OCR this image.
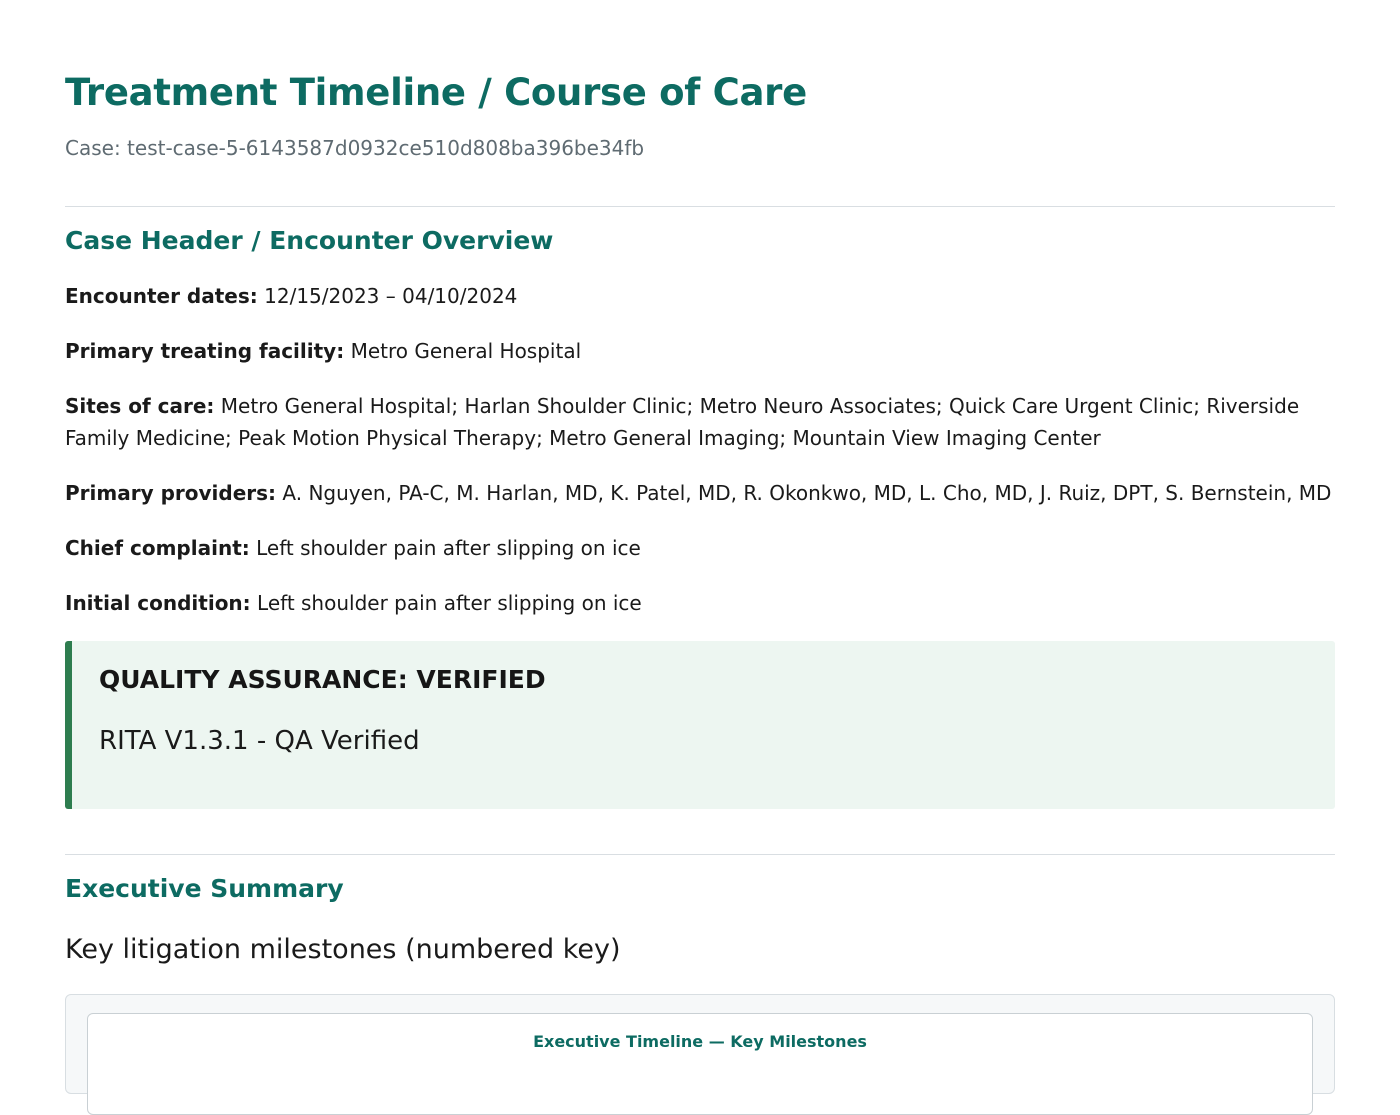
Treatment Timeline / Course of Care
Case: test-case-5-6143587d0932ce510d808ba396be34fb
Case Header / Encounter Overview

Encounter dates: 12/15/2023 – 04/10/2024

Primary treating facility: Metro General Hospital

Sites of care: Metro General Hospital; Harlan Shoulder Clinic; Metro Neuro Associates; Quick Care Urgent Clinic; Riverside Family Medicine; Peak Motion Physical Therapy; Metro General Imaging; Mountain View Imaging Center

Primary providers: A. Nguyen, PA-C, M. Harlan, MD, K. Patel, MD, R. Okonkwo, MD, L. Cho, MD, J. Ruiz, DPT, S. Bernstein, MD

Chief complaint: Left shoulder pain after slipping on ice

Initial condition: Left shoulder pain after slipping on ice

QUALITY ASSURANCE: VERIFIED
RITA V1.3.1 - QA Verified
Executive Summary
Key litigation milestones (numbered key)
Executive Timeline — Key Milestones
